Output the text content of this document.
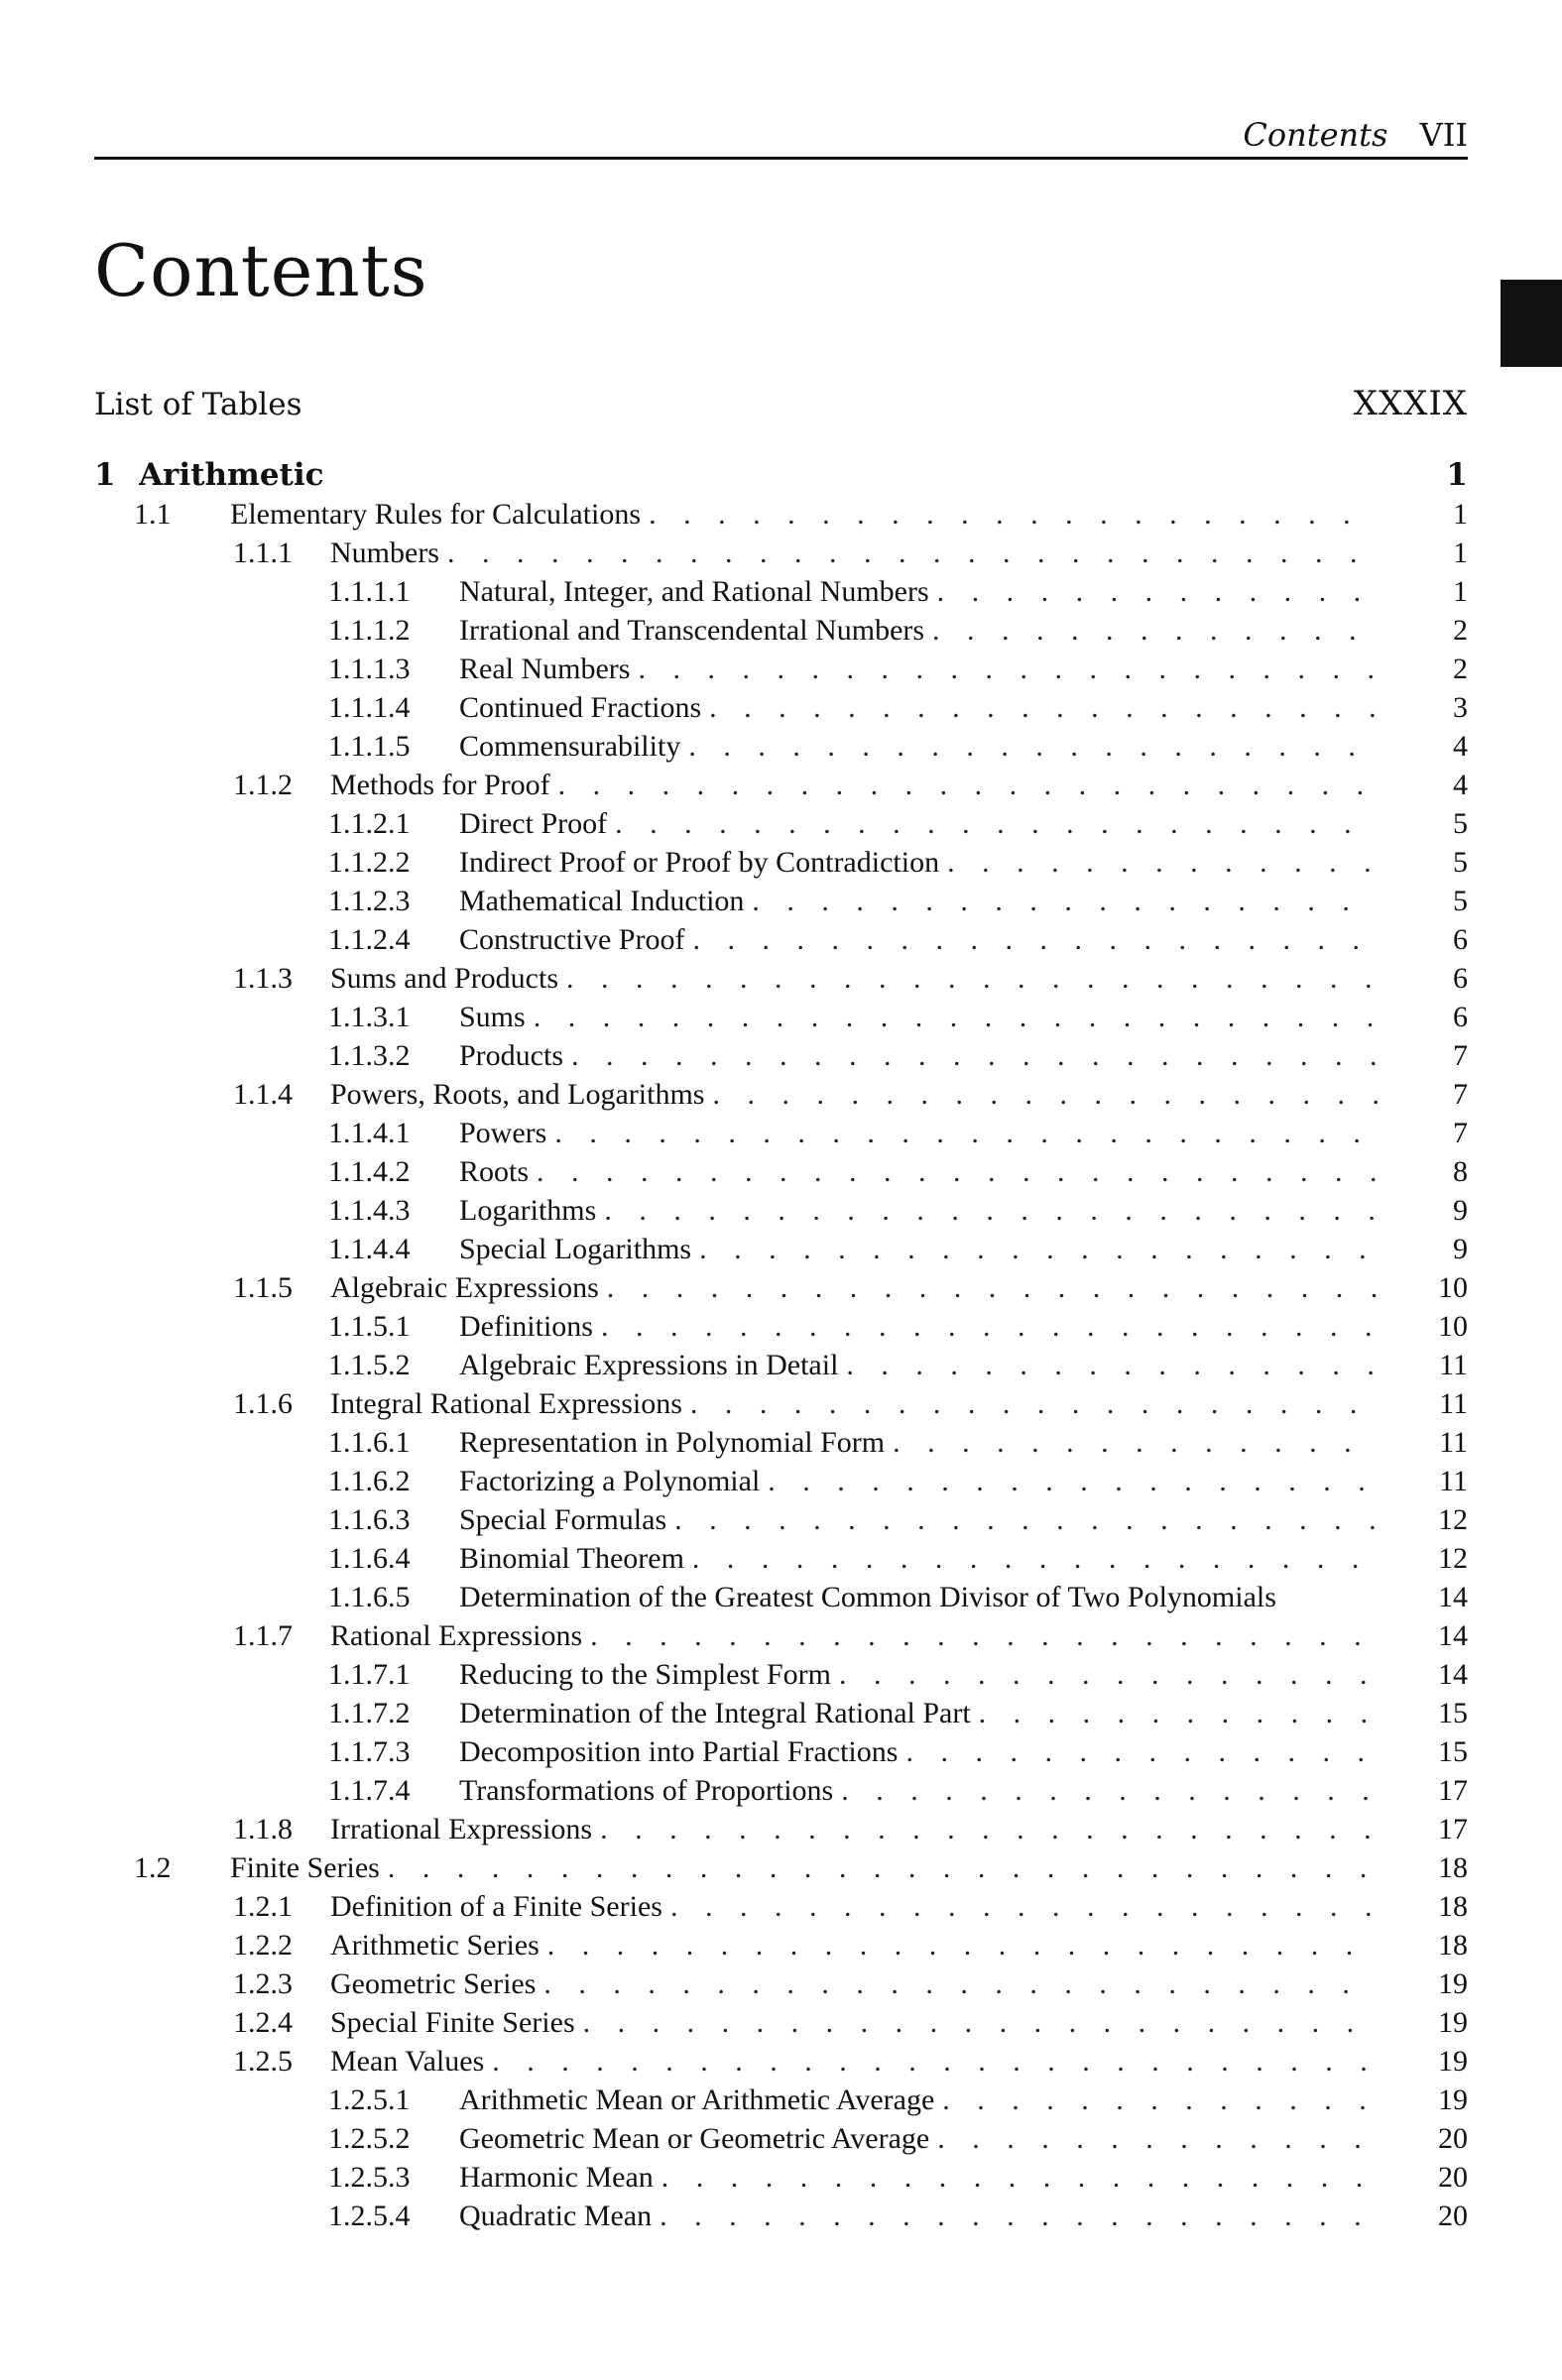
Contents VII
Contents
List of Tables	XXXIX
1 Arithmetic	1
1.1 Elementary Rules for Calculations . . .	1
1.1.1 Numbers . . .	1
1.1.1.1 Natural, Integer, and Rational Numbers . . .	1
1.1.1.2 Irrational and Transcendental Numbers . . .	2
1.1.1.3 Real Numbers . . .	2
1.1.1.4 Continued Fractions . . .	3
1.1.1.5 Commensurability . . .	4
1.1.2 Methods for Proof . . .	4
1.1.2.1 Direct Proof . . .	5
1.1.2.2 Indirect Proof or Proof by Contradiction . . .	5
1.1.2.3 Mathematical Induction . . .	5
1.1.2.4 Constructive Proof . . .	6
1.1.3 Sums and Products . . .	6
1.1.3.1 Sums . . .	6
1.1.3.2 Products . . .	7
1.1.4 Powers, Roots, and Logarithms . . .	7
1.1.4.1 Powers . . .	7
1.1.4.2 Roots . . .	8
1.1.4.3 Logarithms . . .	9
1.1.4.4 Special Logarithms . . .	9
1.1.5 Algebraic Expressions . . .	10
1.1.5.1 Definitions . . .	10
1.1.5.2 Algebraic Expressions in Detail . . .	11
1.1.6 Integral Rational Expressions . . .	11
1.1.6.1 Representation in Polynomial Form . . .	11
1.1.6.2 Factorizing a Polynomial . . .	11
1.1.6.3 Special Formulas . . .	12
1.1.6.4 Binomial Theorem . . .	12
1.1.6.5 Determination of the Greatest Common Divisor of Two Polynomials	14
1.1.7 Rational Expressions . . .	14
1.1.7.1 Reducing to the Simplest Form . . .	14
1.1.7.2 Determination of the Integral Rational Part . . .	15
1.1.7.3 Decomposition into Partial Fractions . . .	15
1.1.7.4 Transformations of Proportions . . .	17
1.1.8 Irrational Expressions . . .	17
1.2 Finite Series . . .	18
1.2.1 Definition of a Finite Series . . .	18
1.2.2 Arithmetic Series . . .	18
1.2.3 Geometric Series . . .	19
1.2.4 Special Finite Series . . .	19
1.2.5 Mean Values . . .	19
1.2.5.1 Arithmetic Mean or Arithmetic Average . . .	19
1.2.5.2 Geometric Mean or Geometric Average . . .	20
1.2.5.3 Harmonic Mean . . .	20
1.2.5.4 Quadratic Mean . . .	20
